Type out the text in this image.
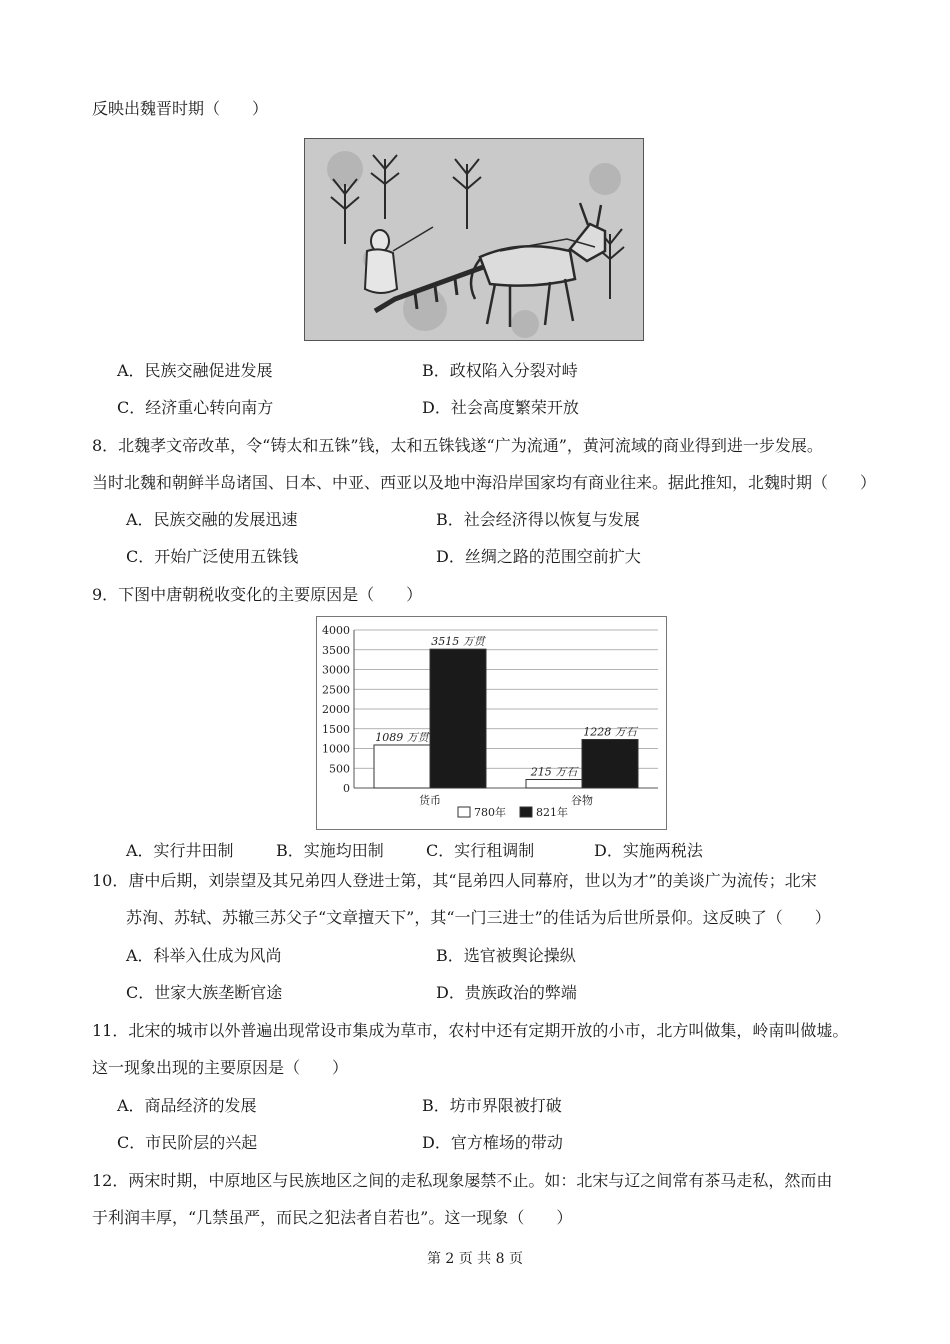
反映出魏晋时期（　　）
A．民族交融促进发展	B．政权陷入分裂对峙
C．经济重心转向南方	D．社会高度繁荣开放
8．北魏孝文帝改革，令“铸太和五铢”钱，太和五铢钱遂“广为流通”，黄河流域的商业得到进一步发展。
当时北魏和朝鲜半岛诸国、日本、中亚、西亚以及地中海沿岸国家均有商业往来。据此推知，北魏时期（　　）
A．民族交融的发展迅速	B．社会经济得以恢复与发展
C．开始广泛使用五铢钱	D．丝绸之路的范围空前扩大
9．下图中唐朝税收变化的主要原因是（　　）
0
500
1000
1500
2000
2500
3000
3500
4000
1089 万贯
3515 万贯
货币
215 万石
1228 万石
谷物
780年	821年
A．实行井田制	B．实施均田制	C．实行租调制	D．实施两税法
10．唐中后期，刘崇望及其兄弟四人登进士第，其“昆弟四人同幕府，世以为才”的美谈广为流传；北宋
苏洵、苏轼、苏辙三苏父子“文章擅天下”，其“一门三进士”的佳话为后世所景仰。这反映了（　　）
A．科举入仕成为风尚	B．选官被舆论操纵
C．世家大族垄断官途	D．贵族政治的弊端
11．北宋的城市以外普遍出现常设市集成为草市，农村中还有定期开放的小市，北方叫做集，岭南叫做墟。
这一现象出现的主要原因是（　　）
A．商品经济的发展	B．坊市界限被打破
C．市民阶层的兴起	D．官方榷场的带动
12．两宋时期，中原地区与民族地区之间的走私现象屡禁不止。如：北宋与辽之间常有茶马走私，然而由
于利润丰厚，“几禁虽严，而民之犯法者自若也”。这一现象（　　）
第 2 页 共 8 页
